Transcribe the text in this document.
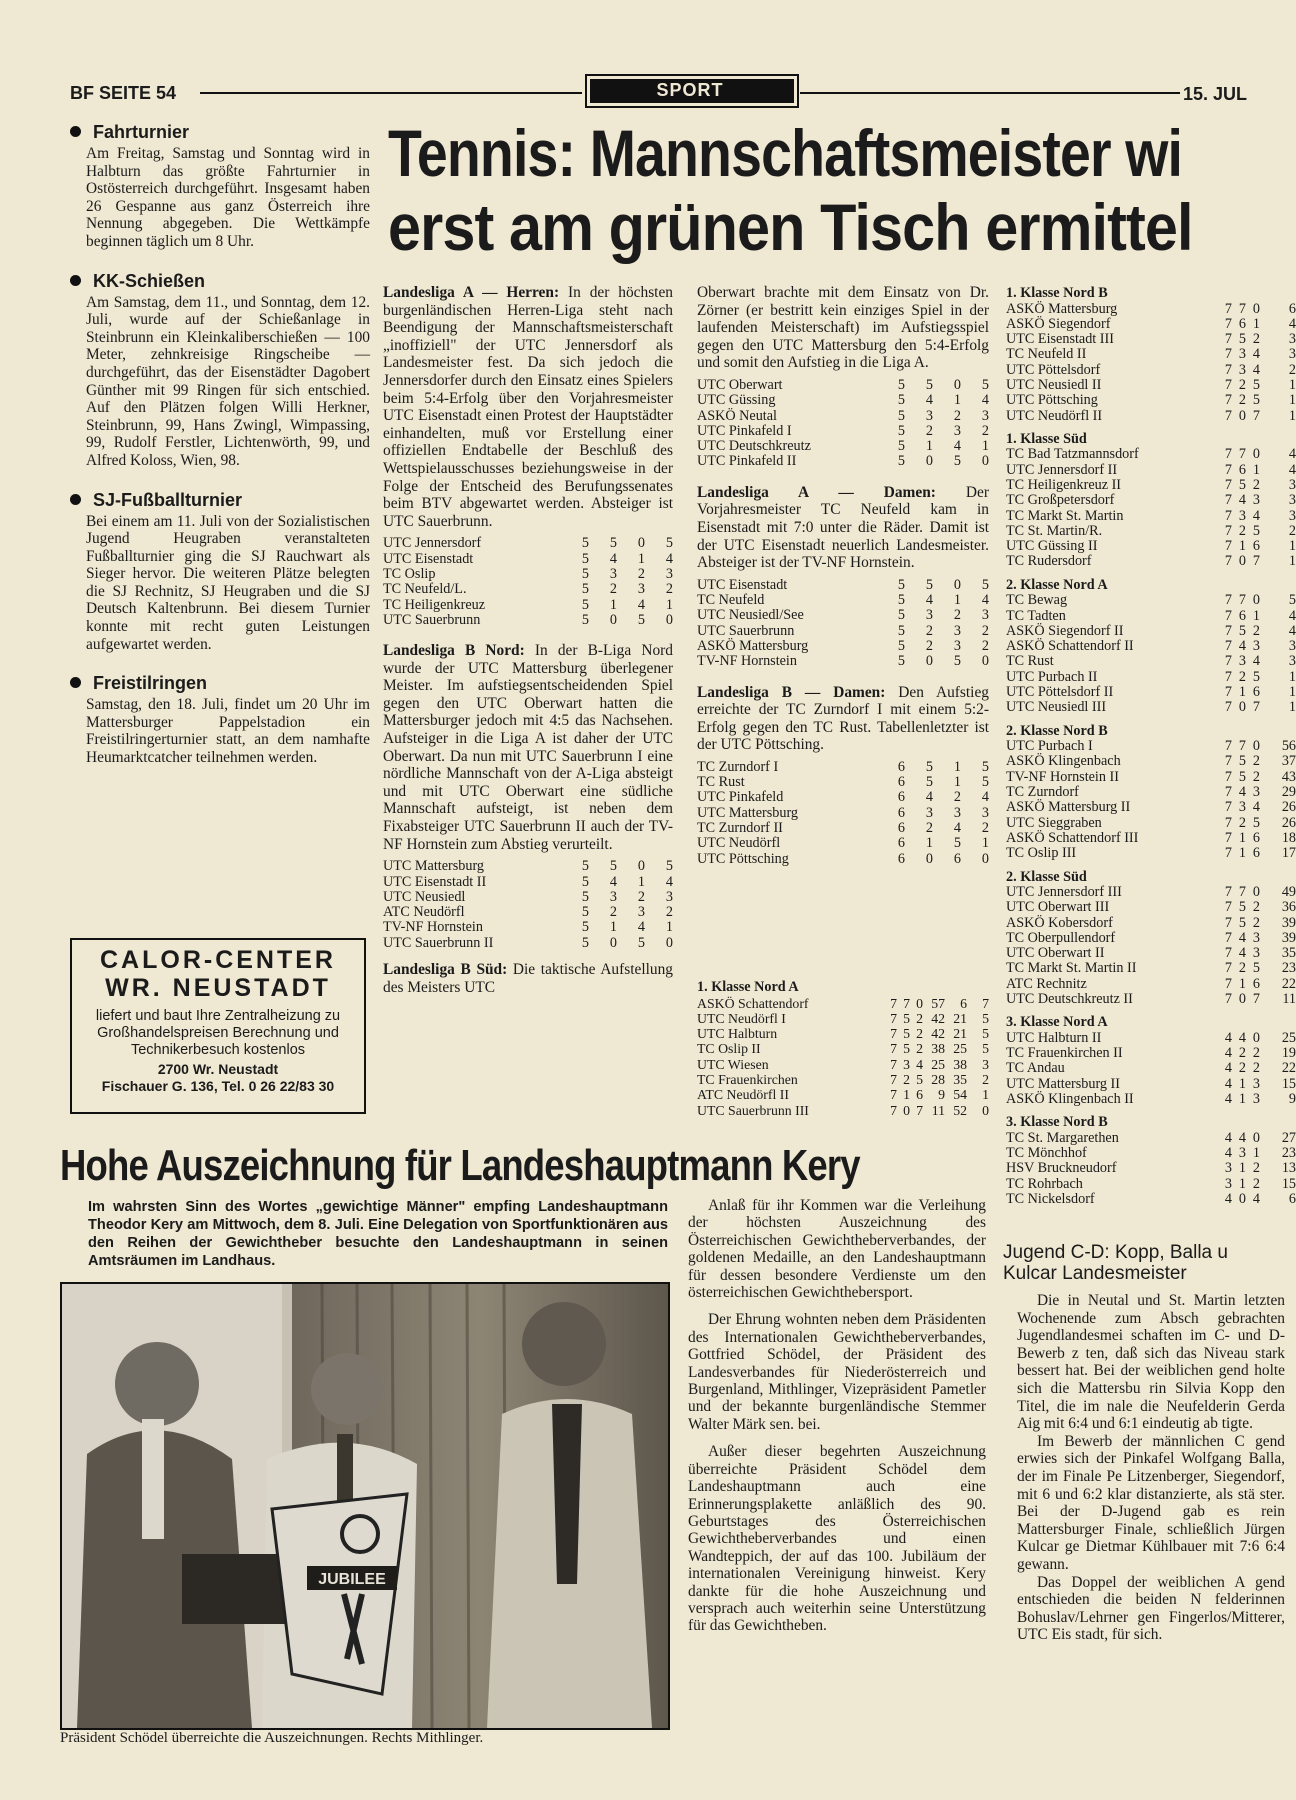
BF SEITE 54	SPORT	15. JUL
Fahrturnier

Am Freitag, Samstag und Sonntag wird in Halbturn das größte Fahrturnier in Ostösterreich durchgeführt. Insgesamt haben 26 Gespanne aus ganz Österreich ihre Nennung abgegeben. Die Wettkämpfe beginnen täglich um 8 Uhr.

KK-Schießen

Am Samstag, dem 11., und Sonntag, dem 12. Juli, wurde auf der Schießanlage in Steinbrunn ein Kleinkaliberschießen — 100 Meter, zehnkreisige Ringscheibe — durchgeführt, das der Eisenstädter Dagobert Günther mit 99 Ringen für sich entschied. Auf den Plätzen folgen Willi Herkner, Steinbrunn, 99, Hans Zwingl, Wimpassing, 99, Rudolf Ferstler, Lichtenwörth, 99, und Alfred Koloss, Wien, 98.

SJ-Fußballturnier

Bei einem am 11. Juli von der Sozialistischen Jugend Heugraben veranstalteten Fußballturnier ging die SJ Rauchwart als Sieger hervor. Die weiteren Plätze belegten die SJ Rechnitz, SJ Heugraben und die SJ Deutsch Kaltenbrunn. Bei diesem Turnier konnte mit recht guten Leistungen aufgewartet werden.

Freistilringen

Samstag, den 18. Juli, findet um 20 Uhr im Mattersburger Pappelstadion ein Freistilringerturnier statt, an dem namhafte Heumarktcatcher teilnehmen werden.

CALOR-CENTER
WR. NEUSTADT
liefert und baut Ihre Zentralheizung zu Großhandelspreisen Berechnung und Technikerbesuch kostenlos
2700 Wr. Neustadt
Fischauer G. 136, Tel. 0 26 22/83 30
Tennis: Mannschaftsmeister wi
erst am grünen Tisch ermittel

Landesliga A — Herren: In der höchsten burgenländischen Herren-Liga steht nach Beendigung der Mannschaftsmeisterschaft „inoffiziell" der UTC Jennersdorf als Landesmeister fest. Da sich jedoch die Jennersdorfer durch den Einsatz eines Spielers beim 5:4-Erfolg über den Vorjahresmeister UTC Eisenstadt einen Protest der Hauptstädter einhandelten, muß vor Erstellung einer offiziellen Endtabelle der Beschluß des Wettspielausschusses beziehungsweise in der Folge der Entscheid des Berufungssenates beim BTV abgewartet werden. Absteiger ist UTC Sauerbrunn.

UTC Jennersdorf	5	5	0	5
UTC Eisenstadt	5	4	1	4
TC Oslip	5	3	2	3
TC Neufeld/L.	5	2	3	2
TC Heiligenkreuz	5	1	4	1
UTC Sauerbrunn	5	0	5	0

Landesliga B Nord: In der B-Liga Nord wurde der UTC Mattersburg überlegener Meister. Im aufstiegsentscheidenden Spiel gegen den UTC Oberwart hatten die Mattersburger jedoch mit 4:5 das Nachsehen. Aufsteiger in die Liga A ist daher der UTC Oberwart. Da nun mit UTC Sauerbrunn I eine nördliche Mannschaft von der A-Liga absteigt und mit UTC Oberwart eine südliche Mannschaft aufsteigt, ist neben dem Fixabsteiger UTC Sauerbrunn II auch der TV-NF Hornstein zum Abstieg verurteilt.

UTC Mattersburg	5	5	0	5
UTC Eisenstadt II	5	4	1	4
UTC Neusiedl	5	3	2	3
ATC Neudörfl	5	2	3	2
TV-NF Hornstein	5	1	4	1
UTC Sauerbrunn II	5	0	5	0

Landesliga B Süd: Die taktische Aufstellung des Meisters UTC

Oberwart brachte mit dem Einsatz von Dr. Zörner (er bestritt kein einziges Spiel in der laufenden Meisterschaft) im Aufstiegsspiel gegen den UTC Mattersburg den 5:4-Erfolg und somit den Aufstieg in die Liga A.

UTC Oberwart	5	5	0	5
UTC Güssing	5	4	1	4
ASKÖ Neutal	5	3	2	3
UTC Pinkafeld I	5	2	3	2
UTC Deutschkreutz	5	1	4	1
UTC Pinkafeld II	5	0	5	0

Landesliga A — Damen: Der Vorjahresmeister TC Neufeld kam in Eisenstadt mit 7:0 unter die Räder. Damit ist der UTC Eisenstadt neuerlich Landesmeister. Absteiger ist der TV-NF Hornstein.

UTC Eisenstadt	5	5	0	5
TC Neufeld	5	4	1	4
UTC Neusiedl/See	5	3	2	3
UTC Sauerbrunn	5	2	3	2
ASKÖ Mattersburg	5	2	3	2
TV-NF Hornstein	5	0	5	0

Landesliga B — Damen: Den Aufstieg erreichte der TC Zurndorf I mit einem 5:2-Erfolg gegen den TC Rust. Tabellenletzter ist der UTC Pöttsching.

TC Zurndorf I	6	5	1	5
TC Rust	6	5	1	5
UTC Pinkafeld	6	4	2	4
UTC Mattersburg	6	3	3	3
TC Zurndorf II	6	2	4	2
UTC Neudörfl	6	1	5	1
UTC Pöttsching	6	0	6	0
1. Klasse Nord A
ASKÖ Schattendorf	7	7	0	57	6	7
UTC Neudörfl I	7	5	2	42	21	5
UTC Halbturn	7	5	2	42	21	5
TC Oslip II	7	5	2	38	25	5
UTC Wiesen	7	3	4	25	38	3
TC Frauenkirchen	7	2	5	28	35	2
ATC Neudörfl II	7	1	6	9	54	1
UTC Sauerbrunn III	7	0	7	11	52	0
1. Klasse Nord B
ASKÖ Mattersburg	7	7	0	6
ASKÖ Siegendorf	7	6	1	4
UTC Eisenstadt III	7	5	2	3
TC Neufeld II	7	3	4	3
UTC Pöttelsdorf	7	3	4	2
UTC Neusiedl II	7	2	5	1
UTC Pöttsching	7	2	5	1
UTC Neudörfl II	7	0	7	1
1. Klasse Süd
TC Bad Tatzmannsdorf	7	7	0	4
UTC Jennersdorf II	7	6	1	4
TC Heiligenkreuz II	7	5	2	3
TC Großpetersdorf	7	4	3	3
TC Markt St. Martin	7	3	4	3
TC St. Martin/R.	7	2	5	2
UTC Güssing II	7	1	6	1
TC Rudersdorf	7	0	7	1
2. Klasse Nord A
TC Bewag	7	7	0	5
TC Tadten	7	6	1	4
ASKÖ Siegendorf II	7	5	2	4
ASKÖ Schattendorf II	7	4	3	3
TC Rust	7	3	4	3
UTC Purbach II	7	2	5	1
UTC Pöttelsdorf II	7	1	6	1
UTC Neusiedl III	7	0	7	1
2. Klasse Nord B
UTC Purbach I	7	7	0	56
ASKÖ Klingenbach	7	5	2	37
TV-NF Hornstein II	7	5	2	43
TC Zurndorf	7	4	3	29
ASKÖ Mattersburg II	7	3	4	26
UTC Sieggraben	7	2	5	26
ASKÖ Schattendorf III	7	1	6	18
TC Oslip III	7	1	6	17
2. Klasse Süd
UTC Jennersdorf III	7	7	0	49
UTC Oberwart III	7	5	2	36
ASKÖ Kobersdorf	7	5	2	39
TC Oberpullendorf	7	4	3	39
UTC Oberwart II	7	4	3	35
TC Markt St. Martin II	7	2	5	23
ATC Rechnitz	7	1	6	22
UTC Deutschkreutz II	7	0	7	11
3. Klasse Nord A
UTC Halbturn II	4	4	0	25
TC Frauenkirchen II	4	2	2	19
TC Andau	4	2	2	22
UTC Mattersburg II	4	1	3	15
ASKÖ Klingenbach II	4	1	3	9
3. Klasse Nord B
TC St. Margarethen	4	4	0	27
TC Mönchhof	4	3	1	23
HSV Bruckneudorf	3	1	2	13
TC Rohrbach	3	1	2	15
TC Nickelsdorf	4	0	4	6
Hohe Auszeichnung für Landeshauptmann Kery

Im wahrsten Sinn des Wortes „gewichtige Männer" empfing Landeshauptmann Theodor Kery am Mittwoch, dem 8. Juli. Eine Delegation von Sportfunktionären aus den Reihen der Gewichtheber besuchte den Landeshauptmann in seinen Amtsräumen im Landhaus.

JUBILEE
Präsident Schödel überreichte die Auszeichnungen. Rechts Mithlinger.

Anlaß für ihr Kommen war die Verleihung der höchsten Auszeichnung des Österreichischen Gewichtheberverbandes, der goldenen Medaille, an den Landeshauptmann für dessen besondere Verdienste um den österreichischen Gewichthebersport.

Der Ehrung wohnten neben dem Präsidenten des Internationalen Gewichtheberverbandes, Gottfried Schödel, der Präsident des Landesverbandes für Niederösterreich und Burgenland, Mithlinger, Vizepräsident Pametler und der bekannte burgenländische Stemmer Walter Märk sen. bei.

Außer dieser begehrten Auszeichnung überreichte Präsident Schödel dem Landeshauptmann auch eine Erinnerungsplakette anläßlich des 90. Geburtstages des Österreichischen Gewichtheberverbandes und einen Wandteppich, der auf das 100. Jubiläum der internationalen Vereinigung hinweist. Kery dankte für die hohe Auszeichnung und versprach auch weiterhin seine Unterstützung für das Gewichtheben.

Jugend C-D: Kopp, Balla u Kulcar Landesmeister

Die in Neutal und St. Martin letzten Wochenende zum Absch gebrachten Jugendlandesmei schaften im C- und D-Bewerb z ten, daß sich das Niveau stark bessert hat. Bei der weiblichen gend holte sich die Mattersbu rin Silvia Kopp den Titel, die im nale die Neufelderin Gerda Aig mit 6:4 und 6:1 eindeutig ab tigte.

Im Bewerb der männlichen C gend erwies sich der Pinkafel Wolfgang Balla, der im Finale Pe Litzenberger, Siegendorf, mit 6 und 6:2 klar distanzierte, als stä ster. Bei der D-Jugend gab es rein Mattersburger Finale, schließlich Jürgen Kulcar ge Dietmar Kühlbauer mit 7:6 6:4 gewann.

Das Doppel der weiblichen A gend entschieden die beiden N felderinnen Bohuslav/Lehrner gen Fingerlos/Mitterer, UTC Eis stadt, für sich.
